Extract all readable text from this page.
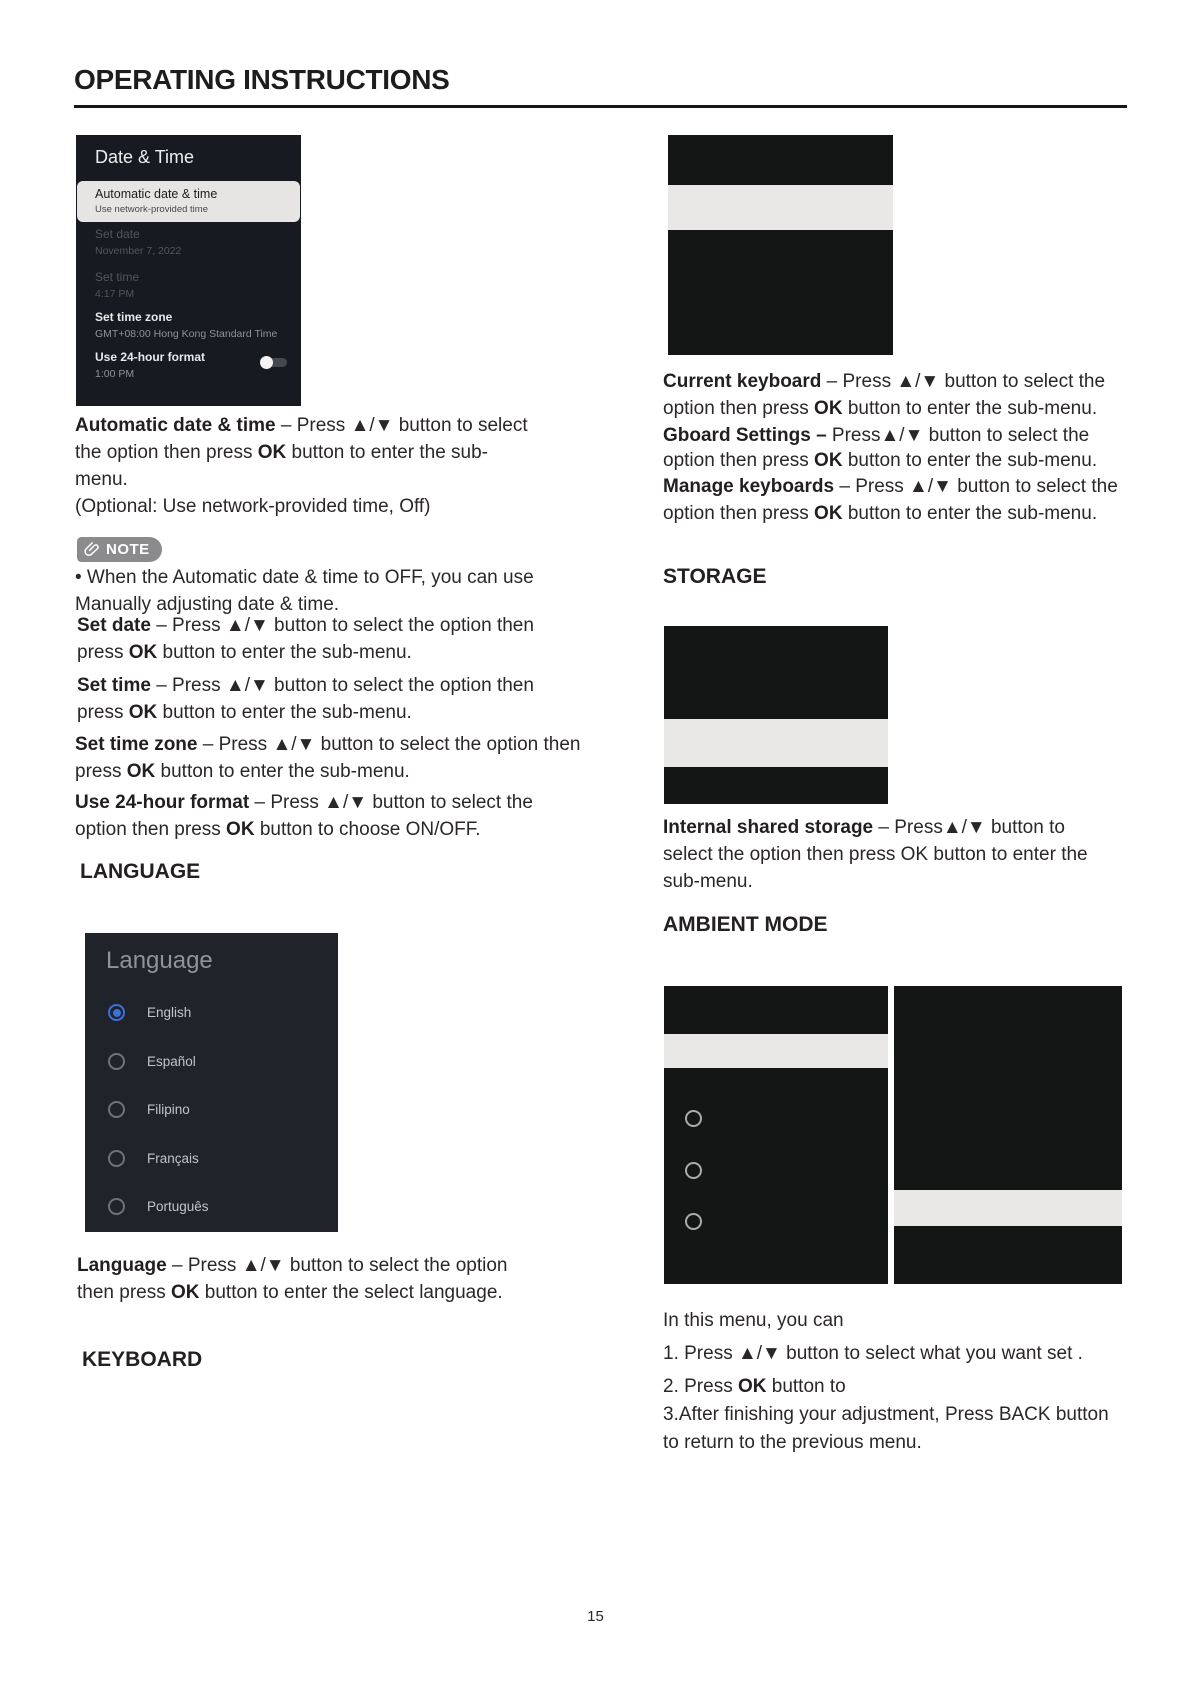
OPERATING INSTRUCTIONS
Date & Time
Automatic date & time
Use network-provided time
Set date
November 7, 2022
Set time
4:17 PM
Set time zone
GMT+08:00 Hong Kong Standard Time
Use 24-hour format
1:00 PM

Automatic date & time – Press ▲/▼ button to select the option then press OK button to enter the sub-menu.

(Optional: Use network-provided time, Off)

NOTE

• When the Automatic date & time to OFF, you can use Manually adjusting date & time.

Set date – Press ▲/▼ button to select the option then press OK button to enter the sub-menu.

Set time – Press ▲/▼ button to select the option then press OK button to enter the sub-menu.

Set time zone – Press ▲/▼ button to select the option then press OK button to enter the sub-menu.

Use 24-hour format – Press ▲/▼ button to select the option then press OK button to choose ON/OFF.

LANGUAGE
Language
English
Español
Filipino
Français
Português

Language – Press ▲/▼ button to select the option then press OK button to enter the select language.

KEYBOARD

Current keyboard – Press ▲/▼ button to select the option then press OK button to enter the sub-menu.

Gboard Settings – Press▲/▼ button to select the option then press OK button to enter the sub-menu.

Manage keyboards – Press ▲/▼ button to select the option then press OK button to enter the sub-menu.

STORAGE

Internal shared storage – Press▲/▼ button to select the option then press OK button to enter the sub-menu.

AMBIENT MODE

In this menu, you can

1. Press ▲/▼ button to select what you want set .

2. Press OK button to

3.After finishing your adjustment, Press BACK button to return to the previous menu.

15
